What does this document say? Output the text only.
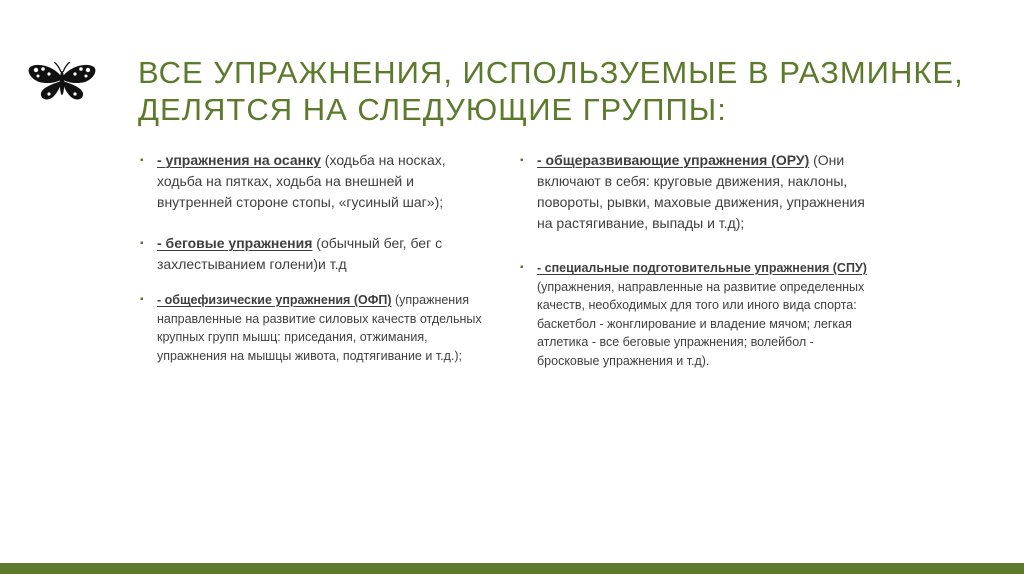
ВСЕ УПРАЖНЕНИЯ, ИСПОЛЬЗУЕМЫЕ В РАЗМИНКЕ, ДЕЛЯТСЯ НА СЛЕДУЮЩИЕ ГРУППЫ:
▪ - упражнения на осанку (ходьба на носках, ходьба на пятках, ходьба на внешней и внутренней стороне стопы, «гусиный шаг»);
▪ - беговые упражнения (обычный бег, бег с захлестыванием голени)и т.д
▪ - общефизические упражнения (ОФП) (упражнения направленные на развитие силовых качеств отдельных крупных групп мышц: приседания, отжимания, упражнения на мышцы живота, подтягивание и т.д.);
▪ - общеразвивающие упражнения (ОРУ) (Они включают в себя: круговые движения, наклоны, повороты, рывки, маховые движения, упражнения на растягивание, выпады и т.д);
▪ - специальные подготовительные упражнения (СПУ) (упражнения, направленные на развитие определенных качеств, необходимых для того или иного вида спорта: баскетбол - жонглирование и владение мячом; легкая атлетика - все беговые упражнения; волейбол - бросковые упражнения и т.д).
